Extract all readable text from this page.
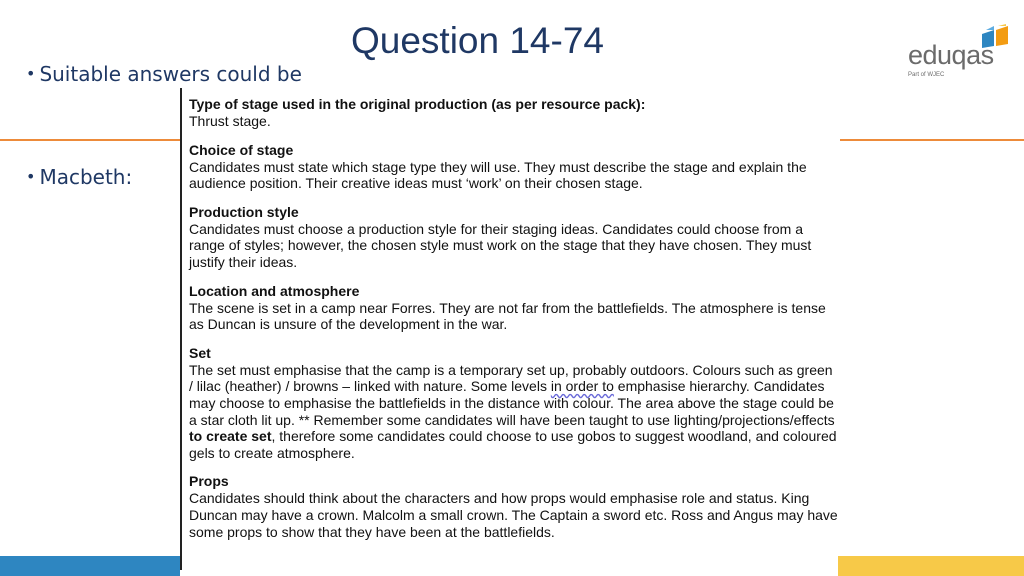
Question 14-74
• Suitable answers could be
• Macbeth:
eduqas
Part of WJEC
Type of stage used in the original production (as per resource pack):
Thrust stage.
Choice of stage
Candidates must state which stage type they will use. They must describe the stage and explain the audience position. Their creative ideas must ‘work’ on their chosen stage.
Production style
Candidates must choose a production style for their staging ideas. Candidates could choose from a range of styles; however, the chosen style must work on the stage that they have chosen. They must justify their ideas.
Location and atmosphere
The scene is set in a camp near Forres. They are not far from the battlefields. The atmosphere is tense as Duncan is unsure of the development in the war.
Set
The set must emphasise that the camp is a temporary set up, probably outdoors. Colours such as green / lilac (heather) / browns – linked with nature. Some levels in order to emphasise hierarchy. Candidates may choose to emphasise the battlefields in the distance with colour. The area above the stage could be a star cloth lit up. ** Remember some candidates will have been taught to use lighting/projections/effects to create set, therefore some candidates could choose to use gobos to suggest woodland, and coloured gels to create atmosphere.
Props
Candidates should think about the characters and how props would emphasise role and status. King Duncan may have a crown. Malcolm a small crown. The Captain a sword etc. Ross and Angus may have some props to show that they have been at the battlefields.
